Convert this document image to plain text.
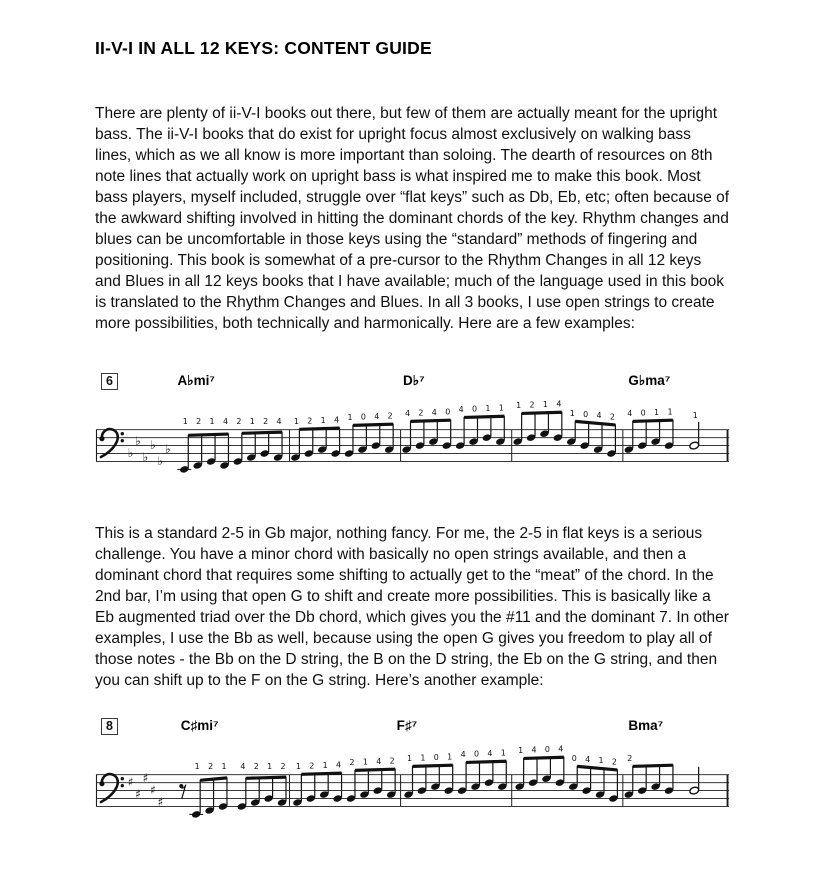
II-V-I IN ALL 12 KEYS: CONTENT GUIDE

There are plenty of ii-V-I books out there, but few of them are actually meant for the upright bass. The ii-V-I books that do exist for upright focus almost exclusively on walking bass lines, which as we all know is more important than soloing. The dearth of resources on 8th note lines that actually work on upright bass is what inspired me to make this book. Most bass players, myself included, struggle over “flat keys” such as Db, Eb, etc; often because of the awkward shifting involved in hitting the dominant chords of the key. Rhythm changes and blues can be uncomfortable in those keys using the “standard” methods of fingering and positioning. This book is somewhat of a pre-cursor to the Rhythm Changes in all 12 keys and Blues in all 12 keys books that I have available; much of the language used in this book is translated to the Rhythm Changes and Blues. In all 3 books, I use open strings to create more possibilities, both technically and harmonically. Here are a few examples:

6	A♭mi⁷	D♭⁷	G♭ma⁷
♭
♭
♭
♭
♭
♭
1 2 1 4 2 1 2 4 1 2 1 4 1 0 4 2 4 2 4 0 4 0 1 1 1 2 1 4
1 0 4 2 4 0 1 1	1

This is a standard 2-5 in Gb major, nothing fancy. For me, the 2-5 in flat keys is a serious challenge. You have a minor chord with basically no open strings available, and then a dominant chord that requires some shifting to actually get to the “meat” of the chord. In the 2nd bar, I’m using that open G to shift and create more possibilities. This is basically like a Eb augmented triad over the Db chord, which gives you the #11 and the dominant 7. In other examples, I use the Bb as well, because using the open G gives you freedom to play all of those notes - the Bb on the D string, the B on the D string, the Eb on the G string, and then you can shift up to the F on the G string. Here’s another example:

8	C♯mi⁷	F♯⁷	Bma⁷
♯
♯
♯
♯
♯
1 2 1 4 2 1 2 1 2 1 4 2 1 4 2 1 1 0 1 4 0 4 1 1 4 0 4
0 4 1 2 2
